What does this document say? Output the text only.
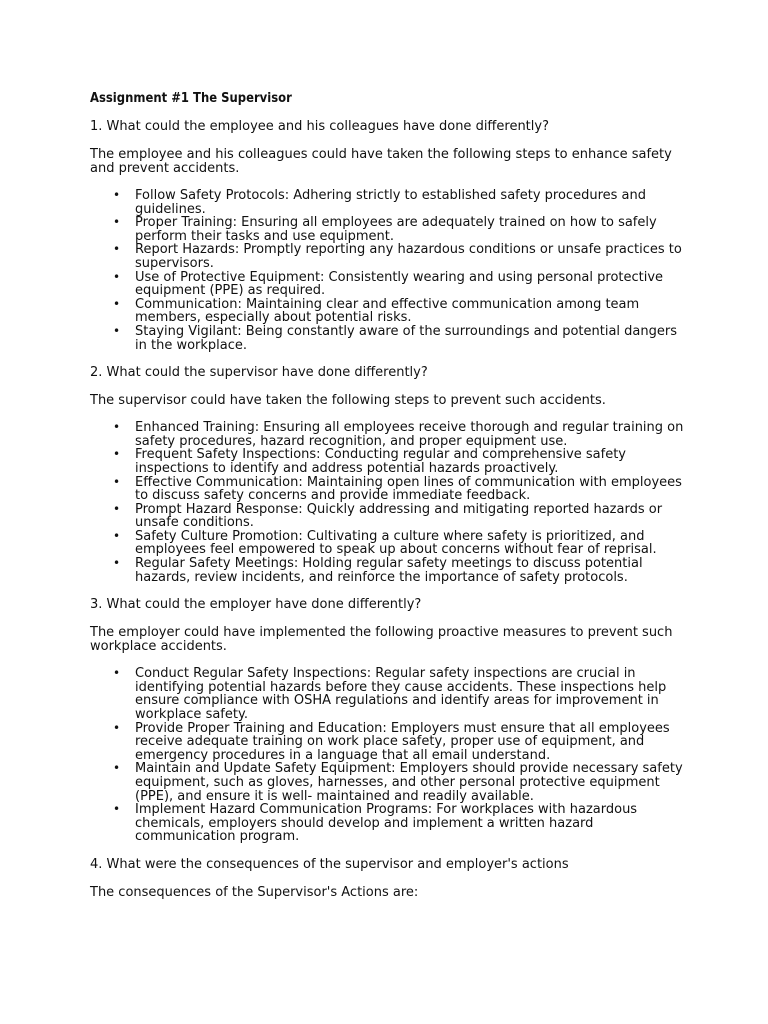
Assignment #1 The Supervisor
1. What could the employee and his colleagues have done differently?
The employee and his colleagues could have taken the following steps to enhance safety and prevent accidents.
• Follow Safety Protocols: Adhering strictly to established safety procedures and guidelines.
• Proper Training: Ensuring all employees are adequately trained on how to safely perform their tasks and use equipment.
• Report Hazards: Promptly reporting any hazardous conditions or unsafe practices to supervisors.
• Use of Protective Equipment: Consistently wearing and using personal protective equipment (PPE) as required.
• Communication: Maintaining clear and effective communication among team members, especially about potential risks.
• Staying Vigilant: Being constantly aware of the surroundings and potential dangers in the workplace.
2. What could the supervisor have done differently?
The supervisor could have taken the following steps to prevent such accidents.
• Enhanced Training: Ensuring all employees receive thorough and regular training on safety procedures, hazard recognition, and proper equipment use.
• Frequent Safety Inspections: Conducting regular and comprehensive safety inspections to identify and address potential hazards proactively.
• Effective Communication: Maintaining open lines of communication with employees to discuss safety concerns and provide immediate feedback.
• Prompt Hazard Response: Quickly addressing and mitigating reported hazards or unsafe conditions.
• Safety Culture Promotion: Cultivating a culture where safety is prioritized, and employees feel empowered to speak up about concerns without fear of reprisal.
• Regular Safety Meetings: Holding regular safety meetings to discuss potential hazards, review incidents, and reinforce the importance of safety protocols.
3. What could the employer have done differently?
The employer could have implemented the following proactive measures to prevent such workplace accidents.
• Conduct Regular Safety Inspections: Regular safety inspections are crucial in identifying potential hazards before they cause accidents. These inspections help ensure compliance with OSHA regulations and identify areas for improvement in workplace safety.
• Provide Proper Training and Education: Employers must ensure that all employees receive adequate training on work place safety, proper use of equipment, and emergency procedures in a language that all email understand.
• Maintain and Update Safety Equipment: Employers should provide necessary safety equipment, such as gloves, harnesses, and other personal protective equipment (PPE), and ensure it is well- maintained and readily available.
• Implement Hazard Communication Programs: For workplaces with hazardous chemicals, employers should develop and implement a written hazard communication program.
4. What were the consequences of the supervisor and employer's actions
The consequences of the Supervisor's Actions are:
